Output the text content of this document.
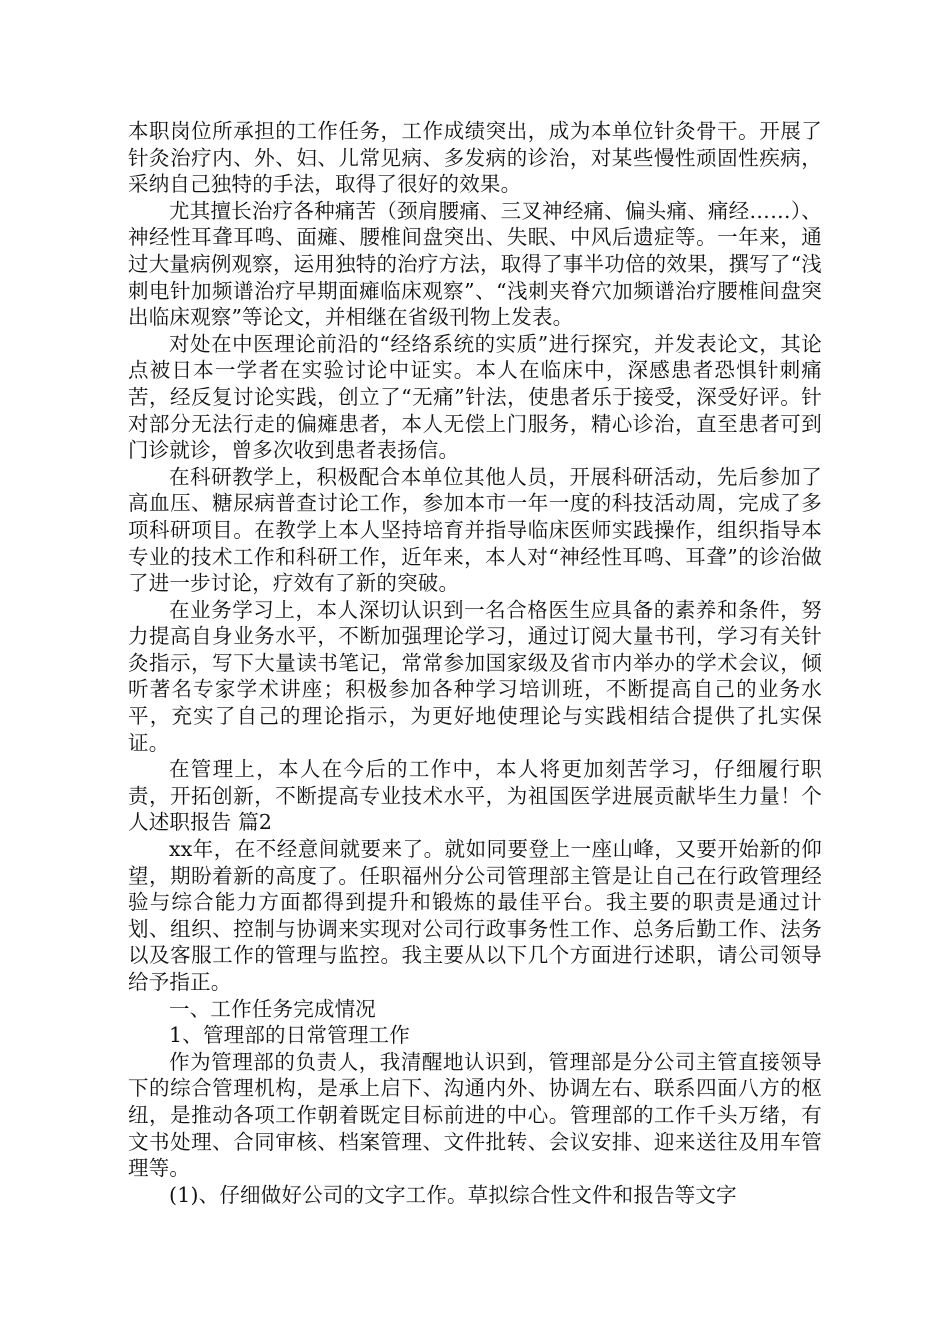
本职岗位所承担的工作任务，工作成绩突出，成为本单位针灸骨干。开展了针灸治疗内、外、妇、儿常见病、多发病的诊治，对某些慢性顽固性疾病，采纳自己独特的手法，取得了很好的效果。

尤其擅长治疗各种痛苦（颈肩腰痛、三叉神经痛、偏头痛、痛经……）、神经性耳聋耳鸣、面瘫、腰椎间盘突出、失眠、中风后遗症等。一年来，通过大量病例观察，运用独特的治疗方法，取得了事半功倍的效果，撰写了“浅刺电针加频谱治疗早期面瘫临床观察”、“浅刺夹脊穴加频谱治疗腰椎间盘突出临床观察”等论文，并相继在省级刊物上发表。

对处在中医理论前沿的“经络系统的实质”进行探究，并发表论文，其论点被日本一学者在实验讨论中证实。本人在临床中，深感患者恐惧针刺痛苦，经反复讨论实践，创立了“无痛”针法，使患者乐于接受，深受好评。针对部分无法行走的偏瘫患者，本人无偿上门服务，精心诊治，直至患者可到门诊就诊，曾多次收到患者表扬信。

在科研教学上，积极配合本单位其他人员，开展科研活动，先后参加了高血压、糖尿病普查讨论工作，参加本市一年一度的科技活动周，完成了多项科研项目。在教学上本人坚持培育并指导临床医师实践操作，组织指导本专业的技术工作和科研工作，近年来，本人对“神经性耳鸣、耳聋”的诊治做了进一步讨论，疗效有了新的突破。

在业务学习上，本人深切认识到一名合格医生应具备的素养和条件，努力提高自身业务水平，不断加强理论学习，通过订阅大量书刊，学习有关针灸指示，写下大量读书笔记，常常参加国家级及省市内举办的学术会议，倾听著名专家学术讲座；积极参加各种学习培训班，不断提高自己的业务水平，充实了自己的理论指示，为更好地使理论与实践相结合提供了扎实保证。

在管理上，本人在今后的工作中，本人将更加刻苦学习，仔细履行职责，开拓创新，不断提高专业技术水平，为祖国医学进展贡献毕生力量！个人述职报告 篇2

xx年，在不经意间就要来了。就如同要登上一座山峰，又要开始新的仰望，期盼着新的高度了。任职福州分公司管理部主管是让自己在行政管理经验与综合能力方面都得到提升和锻炼的最佳平台。我主要的职责是通过计划、组织、控制与协调来实现对公司行政事务性工作、总务后勤工作、法务以及客服工作的管理与监控。我主要从以下几个方面进行述职，请公司领导给予指正。

一、工作任务完成情况

1、管理部的日常管理工作

作为管理部的负责人，我清醒地认识到，管理部是分公司主管直接领导下的综合管理机构，是承上启下、沟通内外、协调左右、联系四面八方的枢纽，是推动各项工作朝着既定目标前进的中心。管理部的工作千头万绪，有文书处理、合同审核、档案管理、文件批转、会议安排、迎来送往及用车管理等。

(1)、仔细做好公司的文字工作。草拟综合性文件和报告等文字
